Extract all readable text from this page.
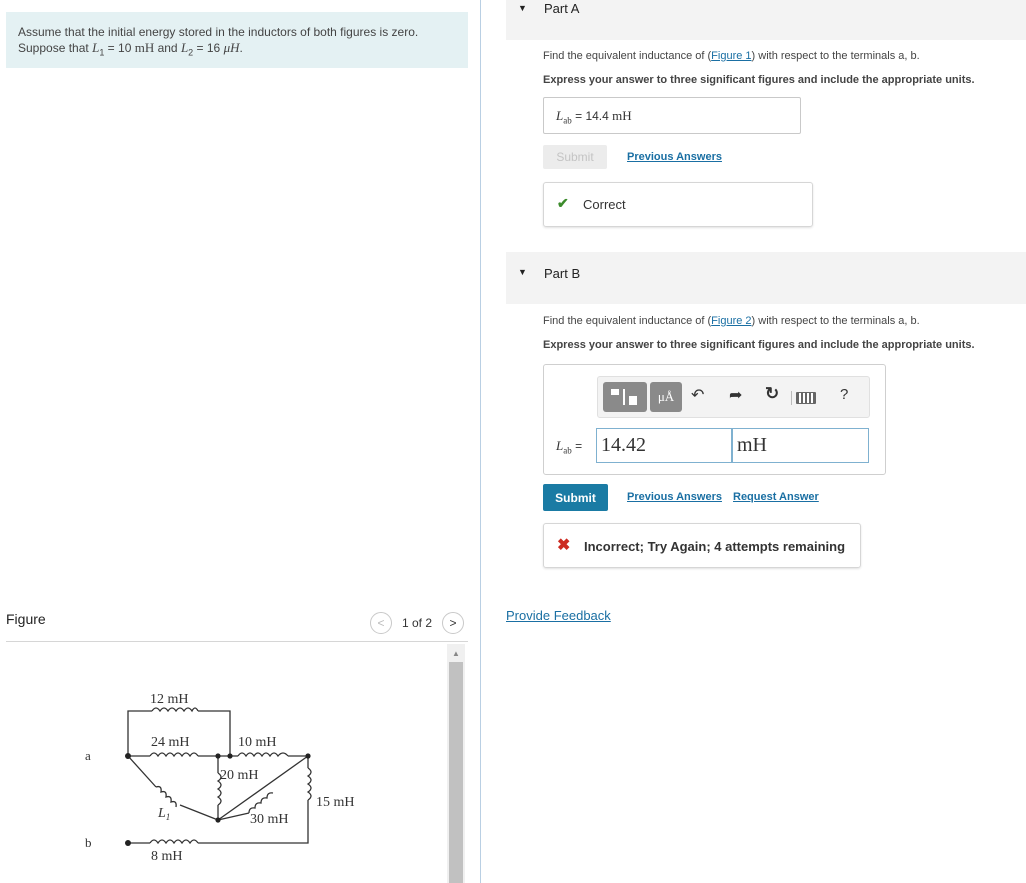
Assume that the initial energy stored in the inductors of both figures is zero.
Suppose that $L_1 = 10$ mH and $L_2 = 16$ μH.
Figure	<	1 of 2	>
12 mH
24 mH	10 mH
20 mH
15 mH
30 mH
8 mH
a
b
$L_1$
▲
▼ Part A
Find the equivalent inductance of (Figure 1) with respect to the terminals a, b.
Express your answer to three significant figures and include the appropriate units.
$L_{ab} = 14.4$ mH
Submit	Previous Answers
✔ Correct
▼ Part B
Find the equivalent inductance of (Figure 2) with respect to the terminals a, b.
Express your answer to three significant figures and include the appropriate units.
μÅ	↶ ➦ ↻	?
$L_{ab} = 14.42$	mH
Submit	Previous Answers Request Answer
✖ Incorrect; Try Again; 4 attempts remaining
Provide Feedback
